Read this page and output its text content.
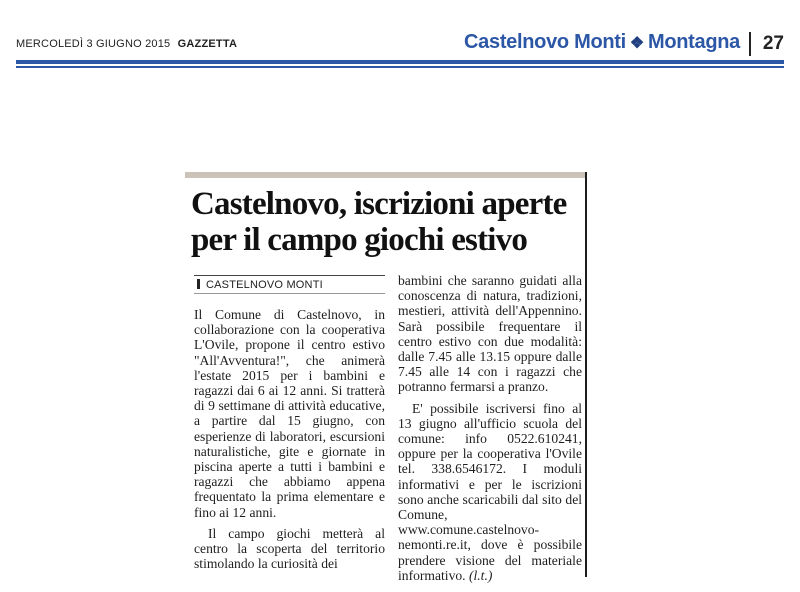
MERCOLEDÌ 3 GIUGNO 2015 GAZZETTA	Castelnovo Monti ❖ Montagna 27
Castelnovo, iscrizioni aperte per il campo giochi estivo
CASTELNOVO MONTI

Il Comune di Castelnovo, in collaborazione con la cooperativa L'Ovile, propone il centro estivo "All'Avventura!", che animerà l'estate 2015 per i bambini e ragazzi dai 6 ai 12 anni. Si tratterà di 9 settimane di attività educative, a partire dal 15 giugno, con esperienze di laboratori, escursioni naturalistiche, gite e giornate in piscina aperte a tutti i bambini e ragazzi che abbiamo appena frequentato la prima elementare e fino ai 12 anni.

Il campo giochi metterà al centro la scoperta del territorio stimolando la curiosità dei

bambini che saranno guidati alla conoscenza di natura, tradizioni, mestieri, attività dell'Appennino. Sarà possibile frequentare il centro estivo con due modalità: dalle 7.45 alle 13.15 oppure dalle 7.45 alle 14 con i ragazzi che potranno fermarsi a pranzo.

E' possibile iscriversi fino al 13 giugno all'ufficio scuola del comune: info 0522.610241, oppure per la cooperativa l'Ovile tel. 338.6546172. I moduli informativi e per le iscrizioni sono anche scaricabili dal sito del Comune, www.comune.castelnovo-nemonti.re.it, dove è possibile prendere visione del materiale informativo. (l.t.)
